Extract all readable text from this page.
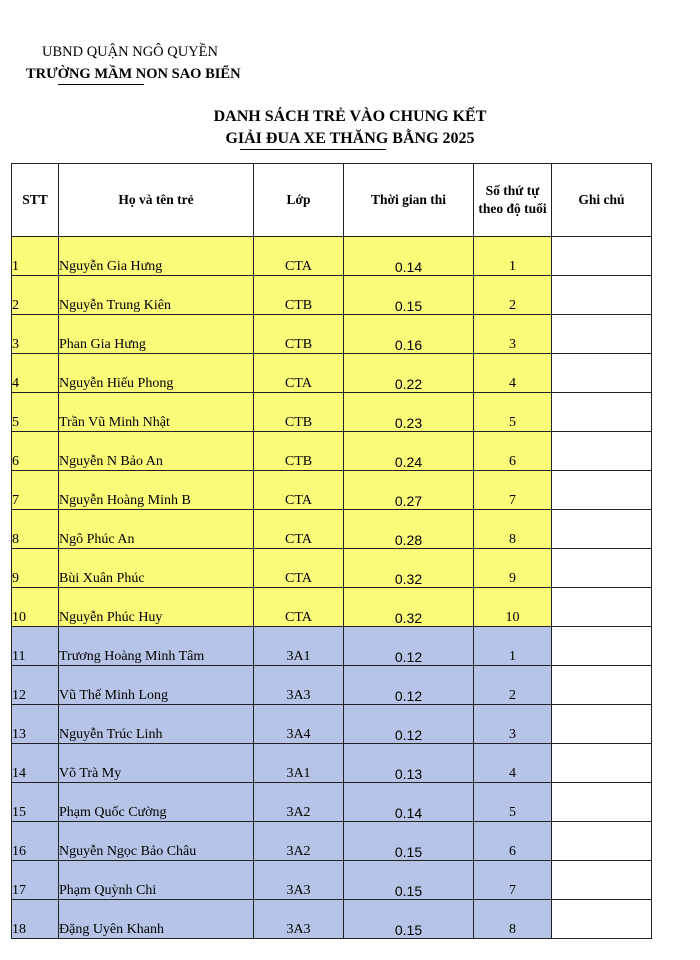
UBND QUẬN NGÔ QUYỀN
TRƯỜNG MẦM NON SAO BIỂN
DANH SÁCH TRẺ VÀO CHUNG KẾT
GIẢI ĐUA XE THĂNG BẰNG 2025
STT	Họ và tên trẻ	Lớp	Thời gian thi	Số thứ tự theo độ tuổi	Ghi chú
1	Nguyễn Gia Hưng	CTA	0.14	1	
2	Nguyễn Trung Kiên	CTB	0.15	2	
3	Phan Gia Hưng	CTB	0.16	3	
4	Nguyễn Hiếu Phong	CTA	0.22	4	
5	Trần Vũ Minh Nhật	CTB	0.23	5	
6	Nguyễn N Bảo An	CTB	0.24	6	
7	Nguyễn Hoàng Minh B	CTA	0.27	7	
8	Ngô Phúc An	CTA	0.28	8	
9	Bùi Xuân Phúc	CTA	0.32	9	
10	Nguyễn Phúc Huy	CTA	0.32	10	
11	Trương Hoàng Minh Tâm	3A1	0.12	1	
12	Vũ Thế Minh Long	3A3	0.12	2	
13	Nguyễn Trúc Linh	3A4	0.12	3	
14	Võ Trà My	3A1	0.13	4	
15	Phạm Quốc Cường	3A2	0.14	5	
16	Nguyễn Ngọc Bảo Châu	3A2	0.15	6	
17	Phạm Quỳnh Chi	3A3	0.15	7	
18	Đặng Uyên Khanh	3A3	0.15	8	
